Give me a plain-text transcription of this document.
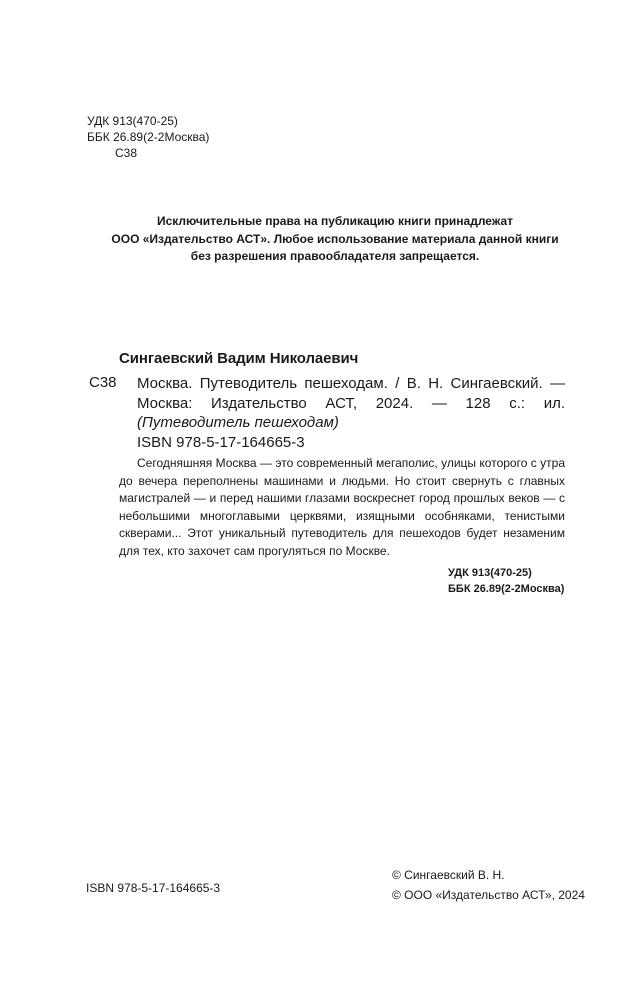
УДК 913(470-25)
ББК 26.89(2-2Москва)
С38
Исключительные права на публикацию книги принадлежат
ООО «Издательство АСТ». Любое использование материала данной книги
без разрешения правообладателя запрещается.
Сингаевский Вадим Николаевич
С38 Москва. Путеводитель пешеходам. / В. Н. Сингаевский. — Москва: Издательство АСТ, 2024. — 128 с.: ил. (Путеводитель пешеходам)
ISBN 978-5-17-164665-3
Сегодняшняя Москва — это современный мегаполис, улицы которого с утра до вечера переполнены машинами и людьми. Но стоит свернуть с главных магистралей — и перед нашими глазами воскреснет город прошлых веков — с небольшими многоглавыми церквями, изящными особняками, тенистыми скверами... Этот уникальный путеводитель для пешеходов будет незаменим для тех, кто захочет сам прогуляться по Москве.
УДК 913(470-25)
ББК 26.89(2-2Москва)
ISBN 978-5-17-164665-3
© Сингаевский В. Н.
© ООО «Издательство АСТ», 2024
